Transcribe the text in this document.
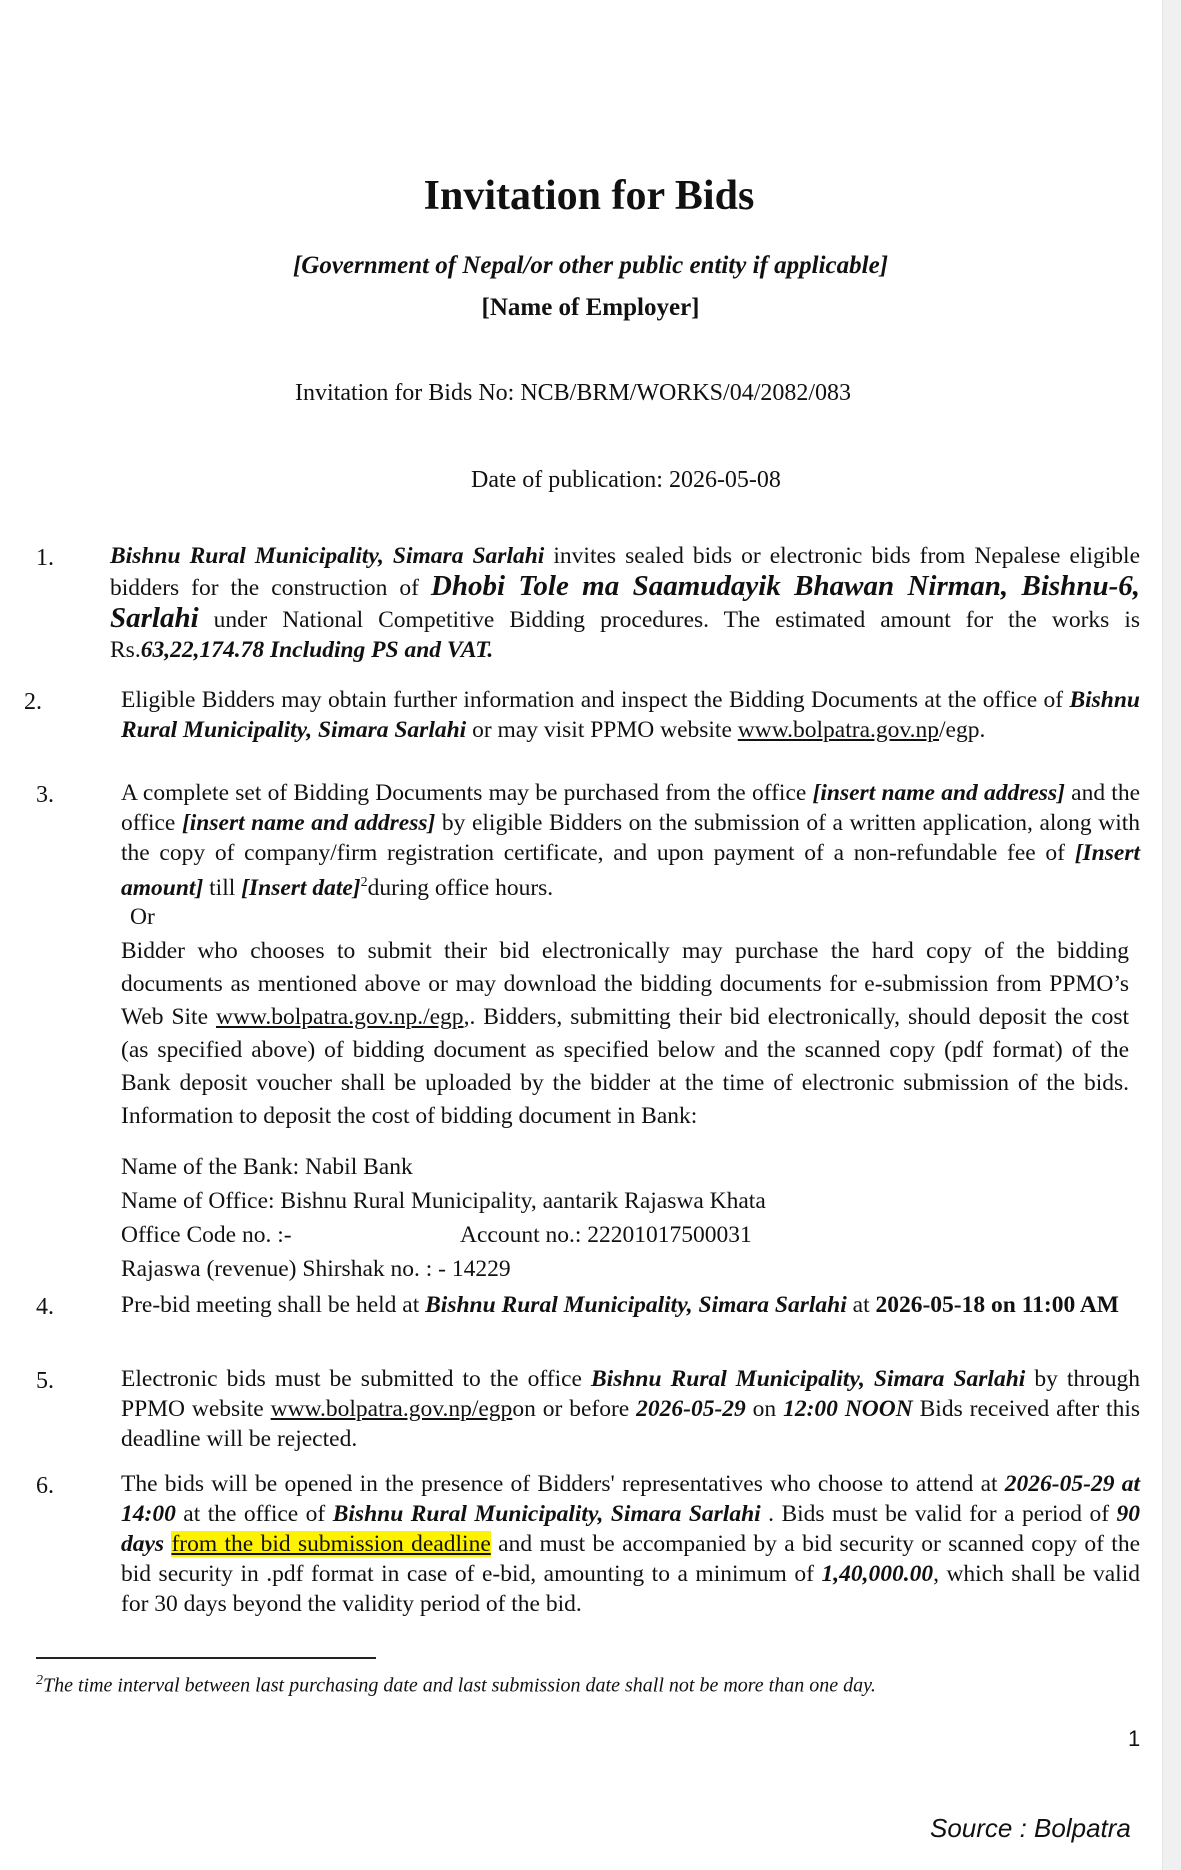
Invitation for Bids
[Government of Nepal/or other public entity if applicable]
[Name of Employer]
Invitation for Bids No: NCB/BRM/WORKS/04/2082/083
Date of publication: 2026-05-08
1. Bishnu Rural Municipality, Simara Sarlahi invites sealed bids or electronic bids from Nepalese eligible bidders for the construction of Dhobi Tole ma Saamudayik Bhawan Nirman, Bishnu-6, Sarlahi under National Competitive Bidding procedures. The estimated amount for the works is Rs.63,22,174.78 Including PS and VAT.

2.	Eligible Bidders may obtain further information and inspect the Bidding Documents at the office of Bishnu Rural Municipality, Simara Sarlahi or may visit PPMO website www.bolpatra.gov.np/egp.

3.	A complete set of Bidding Documents may be purchased from the office [insert name and address] and the office [insert name and address] by eligible Bidders on the submission of a written application, along with the copy of company/firm registration certificate, and upon payment of a non-refundable fee of [Insert amount] till [Insert date]$^2$during office hours.

Or

Bidder who chooses to submit their bid electronically may purchase the hard copy of the bidding documents as mentioned above or may download the bidding documents for e-submission from PPMO’s Web Site www.bolpatra.gov.np./egp,. Bidders, submitting their bid electronically, should deposit the cost (as specified above) of bidding document as specified below and the scanned copy (pdf format) of the Bank deposit voucher shall be uploaded by the bidder at the time of electronic submission of the bids. Information to deposit the cost of bidding document in Bank:

Name of the Bank: Nabil Bank
Name of Office: Bishnu Rural Municipality, aantarik Rajaswa Khata
Office Code no. :-	Account no.: 22201017500031
Rajaswa (revenue) Shirshak no. : - 14229
4.	Pre-bid meeting shall be held at Bishnu Rural Municipality, Simara Sarlahi at 2026-05-18 on 11:00 AM

5.	Electronic bids must be submitted to the office Bishnu Rural Municipality, Simara Sarlahi by through PPMO website www.bolpatra.gov.np/egpon or before 2026-05-29 on 12:00 NOON Bids received after this deadline will be rejected.

6.	The bids will be opened in the presence of Bidders' representatives who choose to attend at 2026-05-29 at 14:00 at the office of Bishnu Rural Municipality, Simara Sarlahi . Bids must be valid for a period of 90 days from the bid submission deadline and must be accompanied by a bid security or scanned copy of the bid security in .pdf format in case of e-bid, amounting to a minimum of 1,40,000.00, which shall be valid for 30 days beyond the validity period of the bid.

$^2$The time interval between last purchasing date and last submission date shall not be more than one day.
1
Source : Bolpatra
